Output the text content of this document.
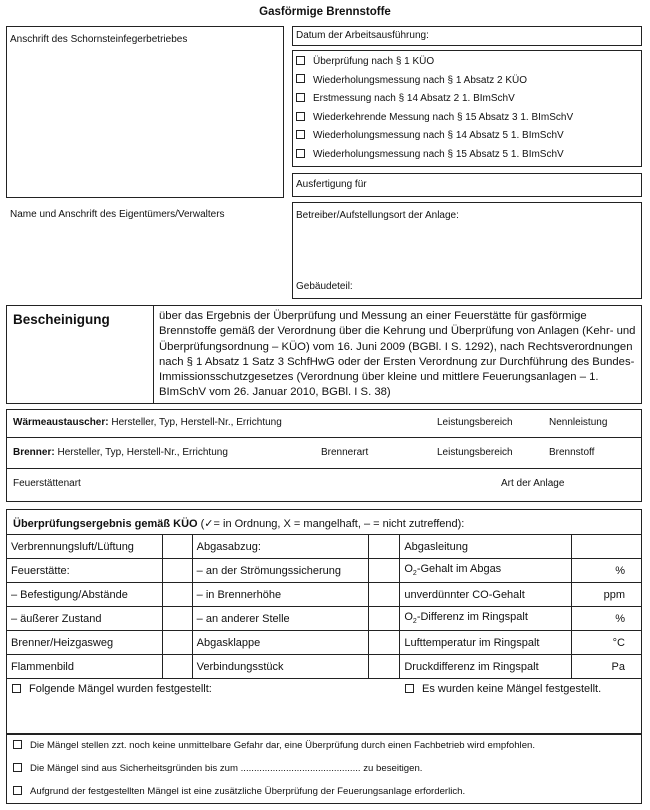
Gasförmige Brennstoffe
Anschrift des Schornsteinfegerbetriebes	Datum der Arbeitsausführung:
Überprüfung nach § 1 KÜO
Wiederholungsmessung nach § 1 Absatz 2 KÜO
Erstmessung nach § 14 Absatz 2 1. BImSchV
Wiederkehrende Messung nach § 15 Absatz 3 1. BImSchV
Wiederholungsmessung nach § 14 Absatz 5 1. BImSchV
Wiederholungsmessung nach § 15 Absatz 5 1. BImSchV
Ausfertigung für
Name und Anschrift des Eigentümers/Verwalters	Betreiber/Aufstellungsort der Anlage:
Gebäudeteil:
Bescheinigung	über das Ergebnis der Überprüfung und Messung an einer Feuerstätte für gasförmige Brennstoffe gemäß der Verordnung über die Kehrung und Überprüfung von Anlagen (Kehr- und Überprüfungsordnung – KÜO) vom 16. Juni 2009 (BGBl. I S. 1292), nach Rechtsverordnungen nach § 1 Absatz 1 Satz 3 SchfHwG oder der Ersten Verordnung zur Durchführung des Bundes-Immissionsschutzgesetzes (Verordnung über kleine und mittlere Feuerungsanlagen – 1. BImSchV vom 26. Januar 2010, BGBl. I S. 38)
Wärmeaustauscher: Hersteller, Typ, Herstell-Nr., Errichtung	Leistungsbereich	Nennleistung
Brenner: Hersteller, Typ, Herstell-Nr., Errichtung	Brennerart	Leistungsbereich	Brennstoff
Feuerstättenart	Art der Anlage
Überprüfungsergebnis gemäß KÜO (✓= in Ordnung, X = mangelhaft, – = nicht zutreffend):
Verbrennungsluft/Lüftung		Abgasabzug:		Abgasleitung	
Feuerstätte:		– an der Strömungssicherung		$O_2$-Gehalt im Abgas	%
– Befestigung/Abstände		– in Brennerhöhe		unverdünnter CO-Gehalt	ppm
– äußerer Zustand		– an anderer Stelle		$O_2$-Differenz im Ringspalt	%
Brenner/Heizgasweg		Abgasklappe		Lufttemperatur im Ringspalt	°C
Flammenbild		Verbindungsstück		Druckdifferenz im Ringspalt	Pa
Folgende Mängel wurden festgestellt:	Es wurden keine Mängel festgestellt.
Die Mängel stellen zzt. noch keine unmittelbare Gefahr dar, eine Überprüfung durch einen Fachbetrieb wird empfohlen.
Die Mängel sind aus Sicherheitsgründen bis zum ............................................. zu beseitigen.
Aufgrund der festgestellten Mängel ist eine zusätzliche Überprüfung der Feuerungsanlage erforderlich.
